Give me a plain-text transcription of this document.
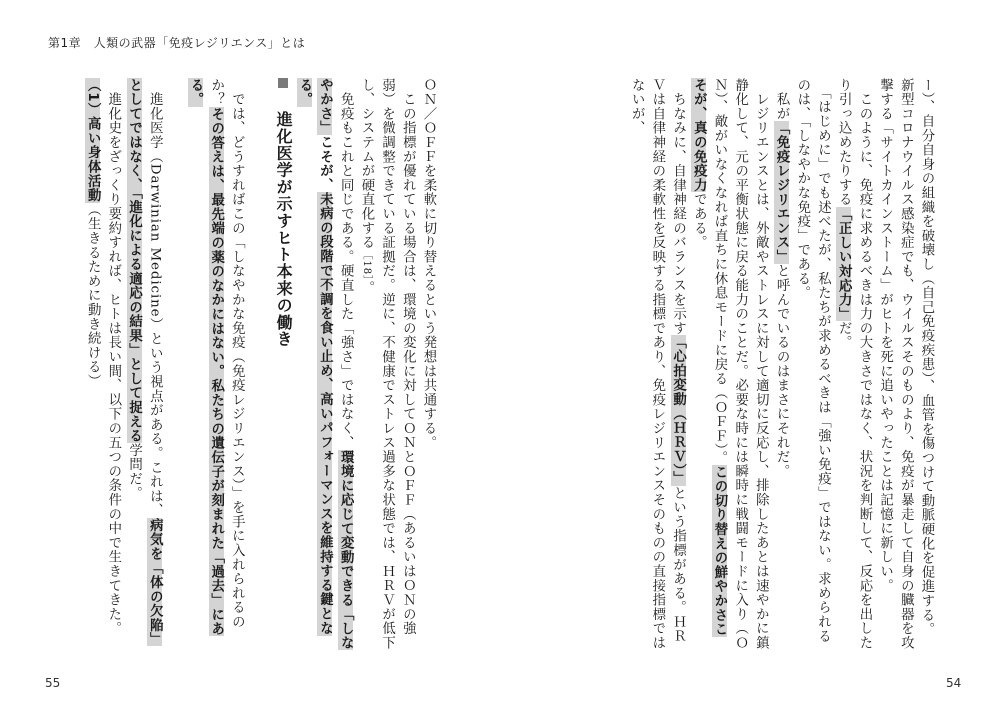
第1章　人類の武器「免疫レジリエンス」とは

ー）、自分自身の組織を破壊し（自己免疫疾患）、血管を傷つけて動脈硬化を促進する。新型コロナウイルス感染症でも、ウイルスそのものより、免疫が暴走して自身の臓器を攻撃する「サイトカインストーム」がヒトを死に追いやったことは記憶に新しい。

　このように、免疫に求めるべきは力の大きさではなく、状況を判断して、反応を出したり引っ込めたりする「正しい対応力」だ。

　「はじめに」でも述べたが、私たちが求めるべきは「強い免疫」ではない。求められるのは、「しなやかな免疫」である。

　私が「免疫レジリエンス」と呼んでいるのはまさにそれだ。

　レジリエンスとは、外敵やストレスに対して適切に反応し、排除したあとは速やかに鎮静化して、元の平衡状態に戻る能力のことだ。必要な時には瞬時に戦闘モードに入り（ＯＮ）、敵がいなくなれば直ちに休息モードに戻る（ＯＦＦ）。この切り替えの鮮やかさこそが、真の免疫力である。

　ちなみに、自律神経のバランスを示す「心拍変動（ＨＲＶ）」という指標がある。ＨＲＶは自律神経の柔軟性を反映する指標であり、免疫レジリエンスそのものの直接指標ではないが、

ＯＮ／ＯＦＦを柔軟に切り替えるという発想は共通する。

　この指標が優れている場合は、環境の変化に対してＯＮとＯＦＦ（あるいはＯＮの強弱）を微調整できている証拠だ。逆に、不健康でストレス過多な状態では、ＨＲＶが低下し、システムが硬直化する［18］。

　免疫もこれと同じである。硬直した「強さ」ではなく、環境に応じて変動できる「しなやかさ」こそが、未病の段階で不調を食い止め、高いパフォーマンスを維持する鍵となる。

　進化医学が示すヒト本来の働き

　では、どうすればこの「しなやかな免疫（免疫レジリエンス）」を手に入れられるのか？その答えは、最先端の薬のなかにはない。私たちの遺伝子が刻まれた「過去」にある。

　進化医学（Darwinian Medicine）という視点がある。これは、病気を「体の欠陥」としてではなく、「進化による適応の結果」として捉える学問だ。

　進化史をざっくり要約すれば、ヒトは長い間、以下の五つの条件の中で生きてきた。

（1）高い身体活動（生きるために動き続ける）

55	54
